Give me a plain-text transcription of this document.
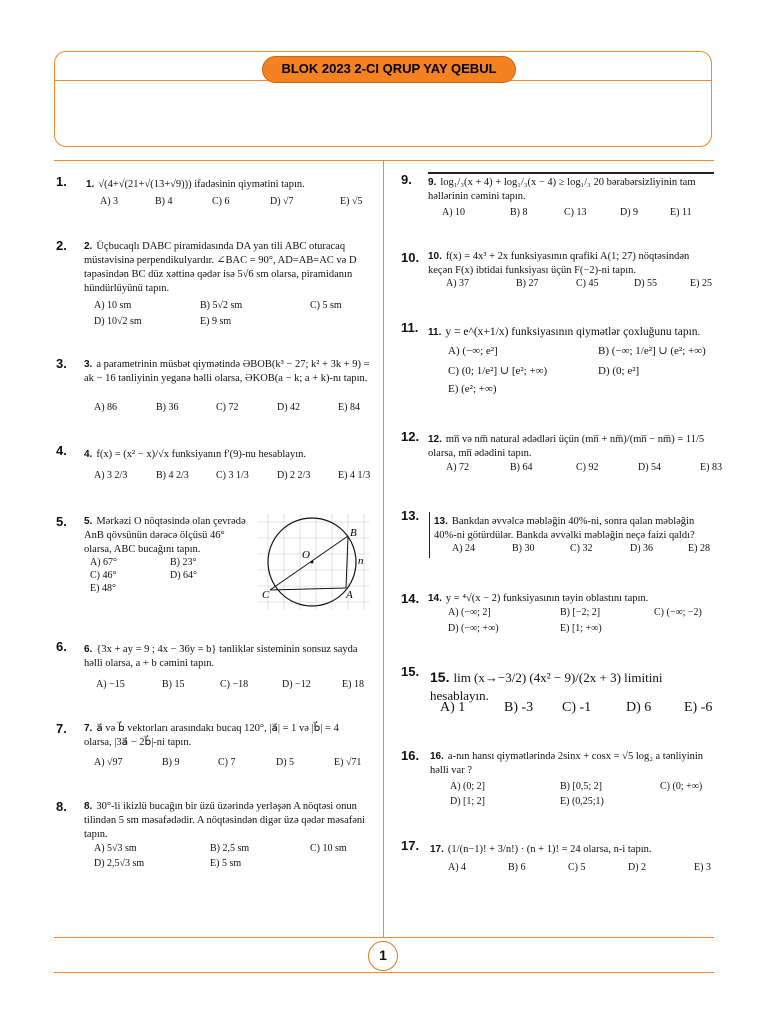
BLOK 2023 2-CI QRUP YAY QEBUL
1
1. 1. √(4+√(21+√(13+√9))) ifadəsinin qiymətini tapın.
A) 3	B) 4	C) 6	D) √7	E) √5
2. 2. Üçbucaqlı DABC piramidasında DA yan tili ABC oturacaq müstəvisinə perpendikulyardır. ∠BAC = 90°, AD=AB=AC və D təpəsindən BC düz xəttinə qədər isə 5√6 sm olarsa, piramidanın hündürlüyünü tapın.
A) 10 sm	B) 5√2 sm	C) 5 sm
D) 10√2 sm	E) 9 sm
3. 3. a parametrinin müsbət qiymətində ƏBOB(k³ − 27; k² + 3k + 9) = ak − 16 tənliyinin yeganə həlli olarsa, ƏKOB(a − k; a + k)-nı tapın.
A) 86	B) 36	C) 72	D) 42	E) 84
4. 4. f(x) = (x² − x)/√x funksiyanın f′(9)-nu hesablayın.
A) 3 2/3	B) 4 2/3	C) 3 1/3	D) 2 2/3	E) 4 1/3
5. 5. Mərkəzi O nöqtəsində olan çevrədə AnB qövsünün dərəcə ölçüsü 46° olarsa, ABC bucağını tapın.
A) 67°	B) 23°
C) 46°	D) 64°
E) 48°
O
B
n
C	A
6. 6. {3x + ay = 9 ; 4x − 36y = b} tənliklər sisteminin sonsuz sayda həlli olarsa, a + b cəmini tapın.
A) −15	B) 15	C) −18	D) −12	E) 18
7. 7. a⃗ və b⃗ vektorları arasındakı bucaq 120°, |a⃗| = 1 və |b⃗| = 4 olarsa, |3a⃗ − 2b⃗|-ni tapın.
A) √97	B) 9	C) 7	D) 5	E) √71
8. 8. 30°-li ikizlü bucağın bir üzü üzərində yerləşən A nöqtəsi onun tilindən 5 sm məsafədədir. A nöqtəsindən digər üzə qədər məsafəni tapın.
A) 5√3 sm	B) 2,5 sm	C) 10 sm
D) 2,5√3 sm	E) 5 sm
9. 9. log₁/₃(x + 4) + log₁/₃(x − 4) ≥ log₁/₃ 20 bərabərsizliyinin tam həllərinin cəmini tapın.
A) 10	B) 8	C) 13	D) 9	E) 11
10. 10. f(x) = 4x³ + 2x funksiyasının qrafiki A(1; 27) nöqtəsindən keçən F(x) ibtidai funksiyası üçün F(−2)-ni tapın.
A) 37	B) 27	C) 45	D) 55	E) 25
11. 11. y = e^(x+1/x) funksiyasının qiymətlər çoxluğunu tapın.
A) (−∞; e²]	B) (−∞; 1/e²] ∪ (e²; +∞)
C) (0; 1/e²] ∪ [e²; +∞)	D) (0; e²]
E) (e²; +∞)
12. 12. mn̅ və nm̅ natural ədədləri üçün (mn̅ + nm̅)/(mn̅ − nm̅) = 11/5 olarsa, mn̅ ədədini tapın.
A) 72	B) 64	C) 92	D) 54	E) 83
13. 13. Bankdan əvvəlcə məbləğin 40%-ni, sonra qalan məbləğin 40%-ni götürdülər. Bankda əvvəlki məbləğin neçə faizi qaldı?
A) 24	B) 30	C) 32	D) 36	E) 28
14. 14. y = ⁴√(x − 2) funksiyasının təyin oblastını tapın.
A) (−∞; 2]	B) [−2; 2]	C) (−∞; −2)
D) (−∞; +∞)	E) [1; +∞)
15. 15. lim (x→−3/2) (4x² − 9)/(2x + 3) limitini hesablayın.
A) 1	B) -3 C) -1 D) 6 E) -6
16. 16. a-nın hansı qiymətlərində 2sinx + cosx = √5 log₂ a tənliyinin həlli var ?
A) (0; 2]	B) [0,5; 2]	C) (0; +∞)
D) [1; 2]	E) (0,25;1)
17. 17. (1/(n−1)! + 3/n!) · (n + 1)! = 24 olarsa, n-i tapın.
A) 4	B) 6	C) 5	D) 2	E) 3
